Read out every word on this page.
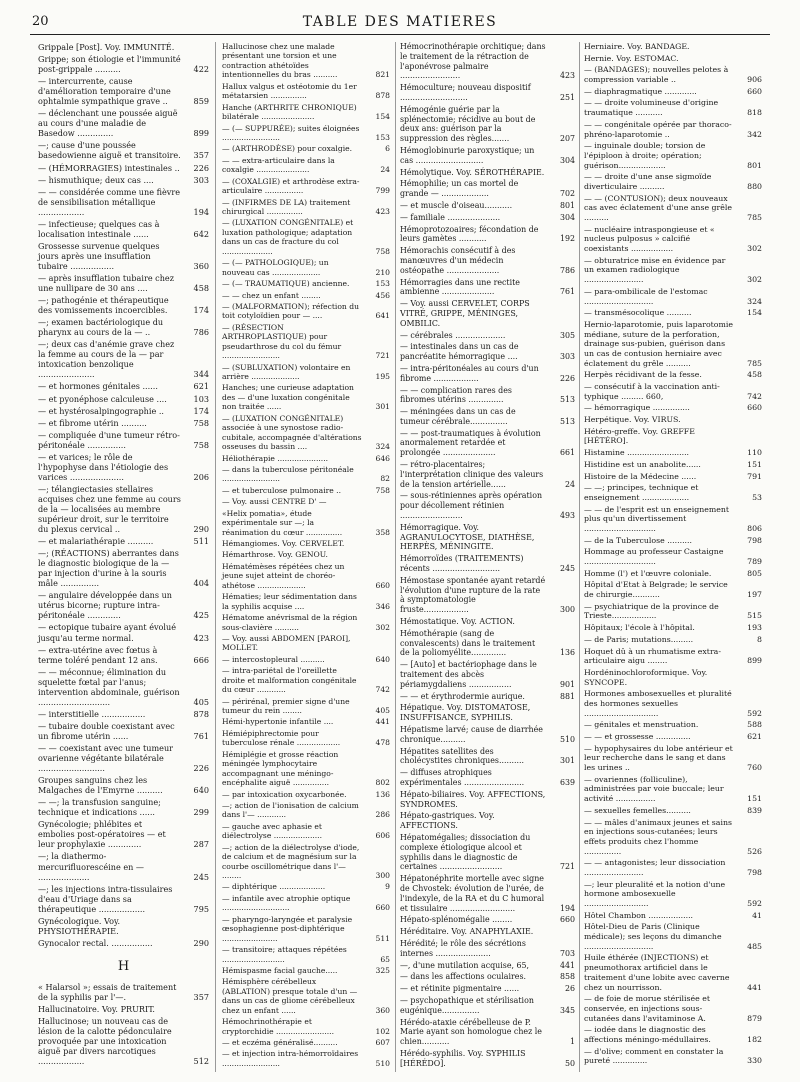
20	TABLE DES MATIERES
Grippale [Post]. Voy. IMMUNITÉ.
Grippe; son étiologie et l'immunité post-grippale ..........	422
— intercurrente, cause d'amélioration temporaire d'une ophtalmie sympathique grave ..	859
— déclenchant une poussée aiguë au cours d'une maladie de Basedow ..............	899
—; cause d'une poussée basedowienne aiguë et transitoire.	357
— (HÉMORRAGIES) intestinales ..	226
— hismuthique; deux cas ....	303
— — considérée comme une fièvre de sensibilisation métallique ..................	194
— infectieuse; quelques cas à localisation intestinale ......	642
Grossesse survenue quelques jours après une insufflation tubaire .................	360
— après insufflation tubaire chez une nullipare de 30 ans ....	458
—; pathogénie et thérapeutique des vomissements incoercibles.	174
—; examen bactériologique du pharynx au cours de la — ..	786
—; deux cas d'anémie grave chez la femme au cours de la — par intoxication benzolique ......................	344
— et hormones génitales ......	621
— et pyonéphose calculeuse ....	103
— et hystérosalpingographie ..	174
— et fibrome utérin ..........	758
— compliquée d'une tumeur rétro-péritonéale ...............	758
— et varices; le rôle de l'hypophyse dans l'étiologie des varices .....................	206
—; télangiectasies stellaires acquises chez une femme au cours de la — localisées au membre supérieur droit, sur le territoire du plexus cervical ..	290
— et malariathérapie ..........	511
—; (RÉACTIONS) aberrantes dans le diagnostic biologique de la — par injection d'urine à la souris mâle ...............	404
— angulaire développée dans un utérus bicorne; rupture intra-péritonéale .............	425
— ectopique tubaire ayant évolué jusqu'au terme normal.	423
— extra-utérine avec fœtus à terme toléré pendant 12 ans.	666
— — méconnue; élimination du squelette fœtal par l'anus; intervention abdominale, guérison ............................	405
— interstitielle .................	878
— tubaire double coexistant avec un fibrome utérin ......	761
— — coexistant avec une tumeur ovarienne végétante bilatérale ..........................	226
Groupes sanguins chez les Malgaches de l'Emyrne ..........	640
— —; la transfusion sanguine; technique et indications ......	299
Gynécologie; phlébites et embolies post-opératoires — et leur prophylaxie .............	287
—; la diathermo-mercurifluorescéine en — ....................	245
—; les injections intra-tissulaires d'eau d'Uriage dans sa thérapeutique ..................	795
Gynécologique. Voy. PHYSIOTHÉRAPIE.
Gynocalor rectal. ................	290
H
« Halarsol »; essais de traitement de la syphilis par l'—.	357
Hallucinatoire. Voy. PRURIT.
Hallucinose; un nouveau cas de lésion de la calotte pédonculaire provoquée par une intoxication aiguë par divers narcotiques ..................	512
Hallucinose chez une malade présentant une torsion et une contraction athétoïdes intentionnelles du bras ..........	821
Hallux valgus et ostéotomie du 1er métatarsien ...............	878
Hanche (ARTHRITE CHRONIQUE) bilatérale ......................	154
— (— SUPPURÉE); suites éloignées ........................	153
— (ARTHRODÈSE) pour coxalgie.	6
— — extra-articulaire dans la coxalgie ......................	24
— (COXALGIE) et arthrodèse extra-articulaire ................	799
— (INFIRMES DE LA) traitement chirurgical ...............	423
— (LUXATION CONGÉNITALE) et luxation pathologique; adaptation dans un cas de fracture du col .....................	758
— (— PATHOLOGIQUE); un nouveau cas ....................	210
— (— TRAUMATIQUE) ancienne.	153
— — chez un enfant ........	456
— (MALFORMATION); réfection du toit cotyloïdien pour — ....	641
— (RÉSECTION ARTHROPLASTIQUE) pour pseudarthrose du col du fémur ........................	721
— (SUBLUXATION) volontaire en arrière ....................	195
Hanches; une curieuse adaptation des — d'une luxation congénitale non traitée ......	301
— (LUXATION CONGÉNITALE) associée à une synostose radio-cubitale, accompagnée d'altérations osseuses du bassin ....	324
Héliothérapie .....................	646
— dans la tuberculose péritonéale ........................	82
— et tuberculose pulmonaire ..	758
— Voy. aussi CENTRE D' —
«Helix pomatia», étude expérimentale sur —; la réanimation du cœur ...............	358
Hémangiomes. Voy. CERVELET.
Hémarthrose. Voy. GENOU.
Hématémèses répétées chez un jeune sujet atteint de choréo-athétose ....................	660
Hématies; leur sédimentation dans la syphilis acquise ....	346
Hématome anévrismal de la région sous-clavière ..........	302
— Voy. aussi ABDOMEN [PAROI], MOLLET.
— intercostopleural ..........	640
— intra-pariétal de l'oreillette droite et malformation congénitale du cœur ............	742
— périrénal, premier signe d'une tumeur du rein ........	405
Hémi-hypertonie infantile ....	441
Hémiépiphrectomie pour tuberculose rénale ..................	478
Hémiplégie et grosse réaction méningée lymphocytaire accompagnant une méningo-encéphalite aiguë ...............	802
— par intoxication oxycarbonée.	136
—; action de l'ionisation de calcium dans l'— ............	286
— gauche avec aphasie et diélectrolyse ....................	606
—; action de la diélectrolyse d'iode, de calcium et de magnésium sur la courbe oscillométrique dans l'— ........	300
— diphtérique ...................	9
— infantile avec atrophie optique ............................	660
— pharyngo-laryngée et paralysie œsophagienne post-diphtérique .......................	511
— transitoire; attaques répétées ..........................	65
Hémispasme facial gauche.....	325
Hémisphère cérébelleux (ABLATION) presque totale d'un — dans un cas de gliome cérébelleux chez un enfant ......	360
Hémochrinothérapie et cryptorchidie ........................	102
— et eczéma généralisé..........	607
— et injection intra-hémorroïdaires ........................	510
Hémocrinothérapie orchitique; dans le traitement de la rétraction de l'aponévrose palmaire ........................	423
Hémoculture; nouveau dispositif ...........................	251
Hémogénie guérie par la splénectomie; récidive au bout de deux ans: guérison par la suppression des règles.......	207
Hémoglobinurie paroxystique; un cas ...........................	304
Hémolytique. Voy. SÉROTHÉRAPIE.
Hémophilie; un cas mortel de grande — ...................	702
— et muscle d'oiseau...........	801
— familiale .....................	304
Hémoprotozoaires; fécondation de leurs gamètes ...........	192
Hémorachis consécutif à des manœuvres d'un médecin ostéopathe .....................	786
Hémorragies dans une rectite ambienne .....................	761
— Voy. aussi CERVELET, CORPS VITRÉ, GRIPPE, MÉNINGES, OMBILIC.
— cérébrales ....................	305
— intestinales dans un cas de pancréatite hémorragique ....	303
— intra-péritonéales au cours d'un fibrome ..................	226
— — complication rares des fibromes utérins ..............	513
— méningées dans un cas de tumeur cérébrale...............	513
— — post-traumatiques à évolution anormalement retardée et prolongée .....................	661
— rétro-placentaires; l'interprétation clinique des valeurs de la tension artérielle......	24
— sous-rétiniennes après opération pour décollement rétinien .........................	493
Hémorragique. Voy. AGRANULOCYTOSE, DIATHÈSE, HERPÈS, MÉNINGITE.
Hémorroïdes (TRAITEMENTS) récents ...........................	245
Hémostase spontanée ayant retardé l'évolution d'une rupture de la rate à symptomatologie fruste..................	300
Hémostatique. Voy. ACTION.
Hémothérapie (sang de convalescents) dans le traitement de la poliomyélite..............	136
— [Auto] et bactériophage dans le traitement des abcès périamygdaliens .................	901
— — et érythrodermie aurique.	881
Hépatique. Voy. DISTOMATOSE, INSUFFISANCE, SYPHILIS.
Hépatisme larvé; cause de diarrhée chronique..........	510
Hépatites satellites des cholécystites chroniques..........	301
— diffuses atrophiques expérimentales ........................	639
Hépato-biliaires. Voy. AFFECTIONS, SYNDROMES.
Hépato-gastriques. Voy. AFFECTIONS.
Hépatomégalies; dissociation du complexe étiologique alcool et syphilis dans le diagnostic de certaines .........................	721
Hépatonéphrite mortelle avec signe de Chvostek: évolution de l'urée, de l'indexyle, de la RA et du C humoral et tissulaire ..........................	194
Hépato-splénomégalie ........	660
Héréditaire. Voy. ANAPHYLAXIE.
Hérédité; le rôle des sécrétions internes ......................	703
—, d'une mutilation acquise, 65,	441
— dans les affections oculaires.	858
— et rétinite pigmentaire ......	26
— psychopathique et stérilisation eugénique...............	345
Hérédo-ataxie cérébelleuse de P. Marie ayant son homologue chez le chien...........	1
Hérédo-syphilis. Voy. SYPHILIS [HÉRÉDO].	50
Herniaire. Voy. BANDAGE.
Hernie. Voy. ESTOMAC.
— (BANDAGES); nouvelles pelotes à compression variable ..	906
— diaphragmatique .............	660
— — droite volumineuse d'origine traumatique ...........	818
— — congénitale opérée par thoraco-phréno-laparotomie ..	342
— inguinale double; torsion de l'épiploon à droite; opération; guérison...................	801
— — droite d'une anse sigmoïde diverticulaire ..........	880
— — (CONTUSION); deux nouveaux cas avec éclatement d'une anse grêle ..........	785
— nucléaire intraspongieuse et « nucleus pulposus » calcifié coexistants .................	302
— obturatrice mise en évidence par un examen radiologique ........................	302
— para-ombilicale de l'estomac ............................	324
— transmésocolique ..........	154
Hernio-laparotomie, puis laparotomie médiane, suture de la perforation, drainage sus-pubien, guérison dans un cas de contusion herniaire avec éclatement du grêle ..........	785
Herpès récidivant de la fesse.	458
— consécutif à la vaccination anti-typhique ......... 660,	742
— hémorragique ...............	660
Herpétique. Voy. VIRUS.
Hétéro-greffe. Voy. GREFFE [HÉTÉRO].
Histamine .........................	110
Histidine est un anabolite......	151
Histoire de la Médecine ......	791
— —; principes, technique et enseignement ...................	53
— — de l'esprit est un enseignement plus qu'un divertissement .............................	806
— de la Tuberculose ..........	798
Hommage au professeur Castaigne .............................	789
Homme (l') et l'œuvre coloniale.	805
Hôpital d'Etat à Belgrade; le service de chirurgie...........	197
— psychiatrique de la province de Trieste..................	515
Hôpitaux; l'école à l'hôpital.	193
— de Paris; mutations.........	8
Hoquet dû à un rhumatisme extra-articulaire aigu ........	899
Hordéninochloroformique. Voy. SYNCOPE.
Hormones ambosexuelles et pluralité des hormones sexuelles ..............................	592
— génitales et menstruation.	588
— — et grossesse ..............	621
— hypophysaires du lobe antérieur et leur recherche dans le sang et dans les urines ..	760
— ovariennes (folliculine), administrées par voie buccale; leur activité ................	151
— sexuelles femelles..........	839
— — mâles d'animaux jeunes et sains en injections sous-cutanées; leurs effets produits chez l'homme ...............	526
— — antagonistes; leur dissociation ........................	798
—; leur pleuralité et la notion d'une hormone ambosexuelle ..........................	592
Hôtel Chambon ..................	41
Hôtel-Dieu de Paris (Clinique médicale); ses leçons du dimanche ............................	485
Huile éthérée (INJECTIONS) et pneumothorax artificiel dans le traitement d'une lobite avec caverne chez un nourrisson.	441
— de foie de morue stérilisée et conservée, en injections sous-cutanées dans l'avitaminose A.	879
— iodée dans le diagnostic des affections méningo-médullaires.	182
— d'olive; comment en constater la pureté ..............	330
